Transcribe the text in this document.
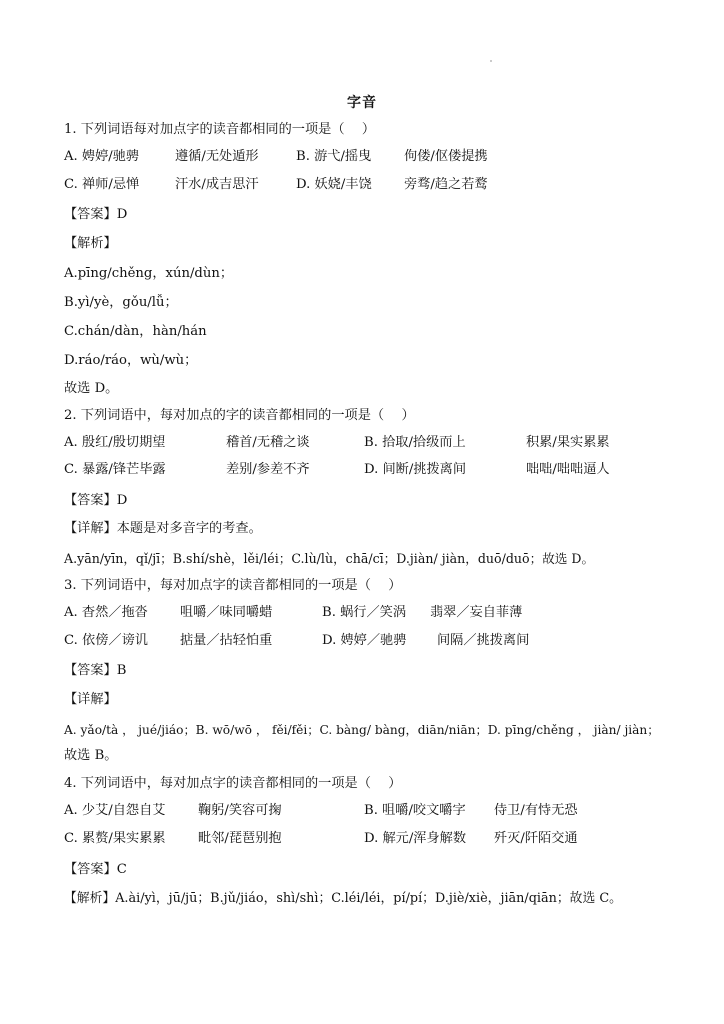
字音
1. 下列词语每对加点字的读音都相同的一项是（　 ）
A. 娉婷/驰骋	遵循/无处遁形	B. 游弋/摇曳 佝偻/伛偻提携
C. 禅师/忌惮	汗水/成吉思汗	D. 妖娆/丰饶 旁骛/趋之若鹜
【答案】D
【解析】
A.pīng/chěng，xún/dùn；
B.yì/yè，gǒu/lǚ；
C.chán/dàn，hàn/hán
D.ráo/ráo，wù/wù；
故选 D。
2. 下列词语中，每对加点的字的读音都相同的一项是（　 ）
A. 殷红/殷切期望	稽首/无稽之谈	B. 拾取/拾级而上	积累/果实累累
C. 暴露/锋芒毕露	差别/参差不齐	D. 间断/挑拨离间	咄咄/咄咄逼人
【答案】D
【详解】本题是对多音字的考查。
A.yān/yīn，qǐ/jī；B.shí/shè，lěi/léi；C.lù/lù，chā/cī；D.jiàn/ jiàn，duō/duō；故选 D。
3. 下列词语中，每对加点字的读音都相同的一项是（　 ）
A. 杳然／拖沓 咀嚼／味同嚼蜡	B. 蜗行／笑涡 翡翠／妄自菲薄
C. 依傍／谤讥 掂量／拈轻怕重	D. 娉婷／驰骋 间隔／挑拨离间
【答案】B
【详解】
A. yǎo/tà ， jué/jiáo；B. wō/wō ， fěi/fěi；C. bàng/ bàng，diān/niān；D. pīng/chěng ， jiàn/ jiàn；
故选 B。
4. 下列词语中，每对加点字的读音都相同的一项是（　 ）
A. 少艾/自怨自艾 鞠躬/笑容可掬	B. 咀嚼/咬文嚼字 侍卫/有恃无恐
C. 累赘/果实累累 毗邻/琵琶别抱	D. 解元/浑身解数 歼灭/阡陌交通
【答案】C
【解析】A.ài/yì，jū/jū；B.jǔ/jiáo，shì/shì；C.léi/léi，pí/pí；D.jiè/xiè，jiān/qiān；故选 C。
